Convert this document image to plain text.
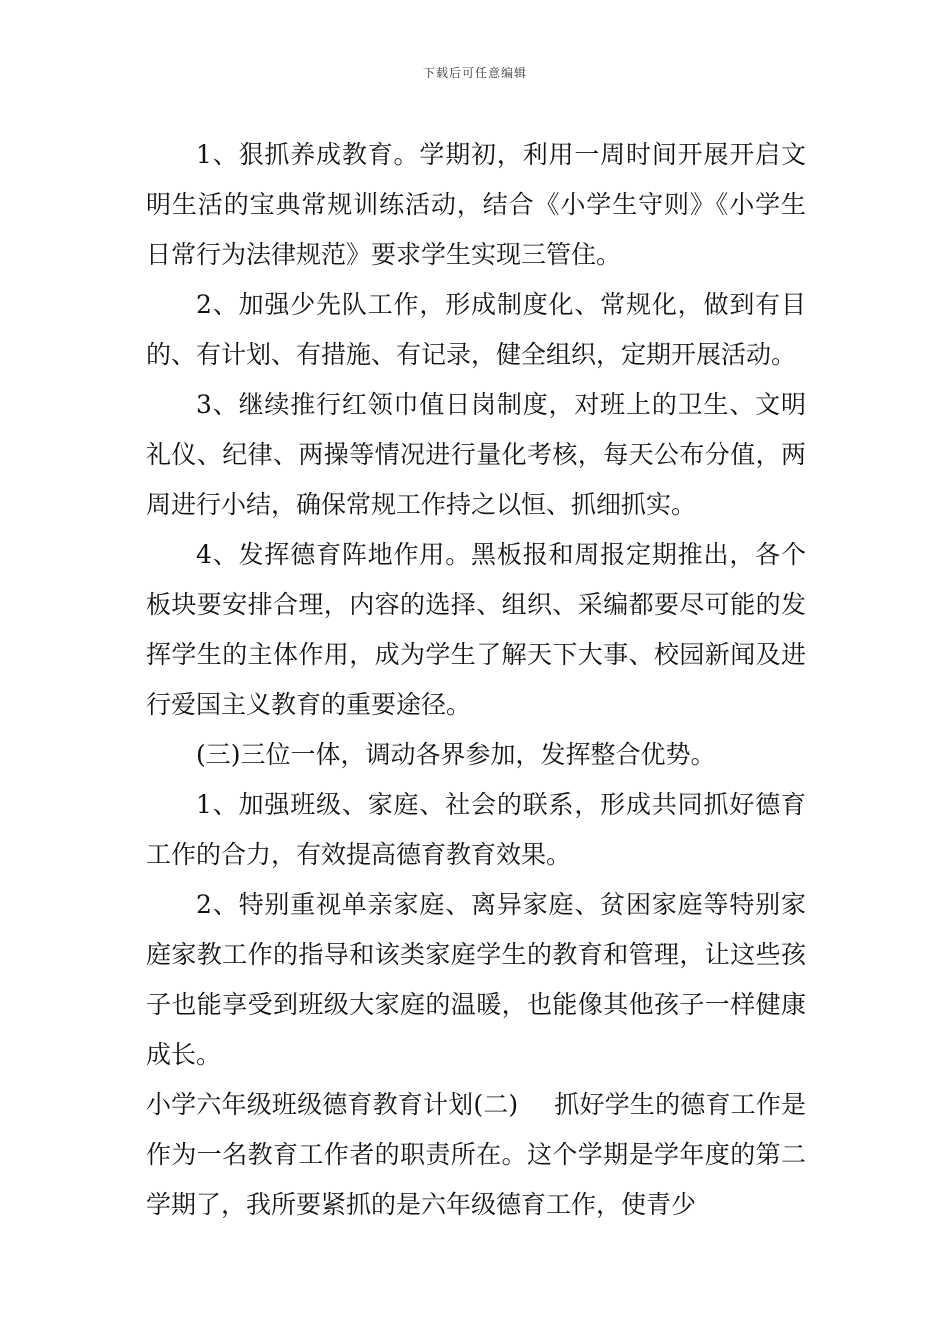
下载后可任意编辑

1、狠抓养成教育。学期初，利用一周时间开展开启文明生活的宝典常规训练活动，结合《小学生守则》《小学生日常行为法律规范》要求学生实现三管住。

2、加强少先队工作，形成制度化、常规化，做到有目的、有计划、有措施、有记录，健全组织，定期开展活动。

3、继续推行红领巾值日岗制度，对班上的卫生、文明礼仪、纪律、两操等情况进行量化考核，每天公布分值，两周进行小结，确保常规工作持之以恒、抓细抓实。

4、发挥德育阵地作用。黑板报和周报定期推出，各个板块要安排合理，内容的选择、组织、采编都要尽可能的发挥学生的主体作用，成为学生了解天下大事、校园新闻及进行爱国主义教育的重要途径。

(三)三位一体，调动各界参加，发挥整合优势。

1、加强班级、家庭、社会的联系，形成共同抓好德育工作的合力，有效提高德育教育效果。

2、特别重视单亲家庭、离异家庭、贫困家庭等特别家庭家教工作的指导和该类家庭学生的教育和管理，让这些孩子也能享受到班级大家庭的温暖，也能像其他孩子一样健康成长。

小学六年级班级德育教育计划(二) 抓好学生的德育工作是作为一名教育工作者的职责所在。这个学期是学年度的第二学期了，我所要紧抓的是六年级德育工作，使青少
